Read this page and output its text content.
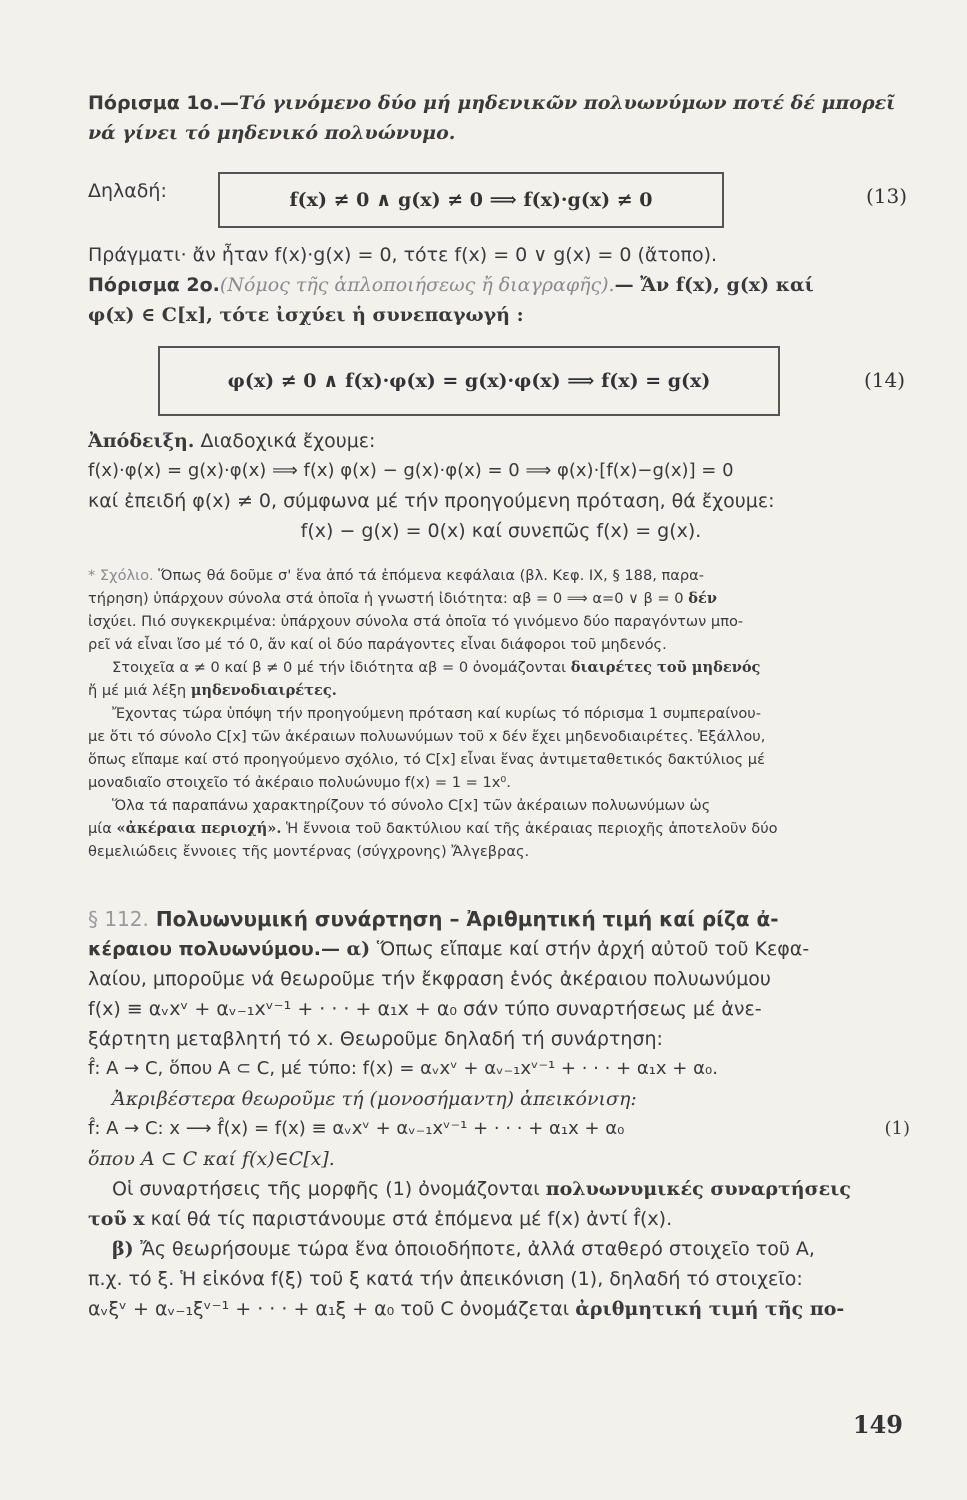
Πόρισμα 1ο.—Τό γινόμενο δύο μή μηδενικῶν πολυωνύμων ποτέ δέ μπορεῖ

νά γίνει τό μηδενικό πολυώνυμο.

Δηλαδή:	f(x) ≠ 0 ∧ g(x) ≠ 0 ⟹ f(x)·g(x) ≠ 0	(13)

Πράγματι· ἄν ἦταν f(x)·g(x) = 0, τότε f(x) = 0 ∨ g(x) = 0 (ἄτοπο).

Πόρισμα 2ο.(Νόμος τῆς ἁπλοποιήσεως ἤ διαγραφῆς).— Ἄν f(x), g(x) καί

φ(x) ∈ C[x], τότε ἰσχύει ἡ συνεπαγωγή :

φ(x) ≠ 0 ∧ f(x)·φ(x) = g(x)·φ(x) ⟹ f(x) = g(x)	(14)

Ἀπόδειξη. Διαδοχικά ἔχουμε:

f(x)·φ(x) = g(x)·φ(x) ⟹ f(x) φ(x) − g(x)·φ(x) = 0 ⟹ φ(x)·[f(x)−g(x)] = 0

καί ἐπειδή φ(x) ≠ 0, σύμφωνα μέ τήν προηγούμενη πρόταση, θά ἔχουμε:

f(x) − g(x) = 0(x) καί συνεπῶς f(x) = g(x).

* Σχόλιο. Ὅπως θά δοῦμε σ' ἕνα ἀπό τά ἑπόμενα κεφάλαια (βλ. Κεφ. IX, § 188, παρα-

τήρηση) ὑπάρχουν σύνολα στά ὁποῖα ἡ γνωστή ἰδιότητα: αβ = 0 ⟹ α=0 ∨ β = 0 δέν

ἰσχύει. Πιό συγκεκριμένα: ὑπάρχουν σύνολα στά ὁποῖα τό γινόμενο δύο παραγόντων μπο-

ρεῖ νά εἶναι ἴσο μέ τό 0, ἄν καί οἱ δύο παράγοντες εἶναι διάφοροι τοῦ μηδενός.

Στοιχεῖα α ≠ 0 καί β ≠ 0 μέ τήν ἰδιότητα αβ = 0 ὀνομάζονται διαιρέτες τοῦ μηδενός

ἤ μέ μιά λέξη μηδενοδιαιρέτες.

Ἔχοντας τώρα ὑπόψη τήν προηγούμενη πρόταση καί κυρίως τό πόρισμα 1 συμπεραίνου-

με ὅτι τό σύνολο C[x] τῶν ἀκέραιων πολυωνύμων τοῦ x δέν ἔχει μηδενοδιαιρέτες. Ἐξάλλου,

ὅπως εἴπαμε καί στό προηγούμενο σχόλιο, τό C[x] εἶναι ἕνας ἀντιμεταθετικός δακτύλιος μέ

μοναδιαῖο στοιχεῖο τό ἀκέραιο πολυώνυμο f(x) = 1 = 1x⁰.

Ὅλα τά παραπάνω χαρακτηρίζουν τό σύνολο C[x] τῶν ἀκέραιων πολυωνύμων ὡς

μία «ἀκέραια περιοχή». Ἡ ἔννοια τοῦ δακτύλιου καί τῆς ἀκέραιας περιοχῆς ἀποτελοῦν δύο

θεμελιώδεις ἔννοιες τῆς μοντέρνας (σύγχρονης) Ἄλγεβρας.

§ 112. Πολυωνυμική συνάρτηση – Ἀριθμητική τιμή καί ρίζα ἀ-

κέραιου πολυωνύμου.— α) Ὅπως εἴπαμε καί στήν ἀρχή αὐτοῦ τοῦ Κεφα-

λαίου, μποροῦμε νά θεωροῦμε τήν ἔκφραση ἑνός ἀκέραιου πολυωνύμου

f(x) ≡ αᵥxᵛ + αᵥ₋₁xᵛ⁻¹ + · · · + α₁x + α₀ σάν τύπο συναρτήσεως μέ ἀνε-

ξάρτητη μεταβλητή τό x. Θεωροῦμε δηλαδή τή συνάρτηση:

f̂: A → C, ὅπου A ⊂ C, μέ τύπο: f(x) = αᵥxᵛ + αᵥ₋₁xᵛ⁻¹ + · · · + α₁x + α₀.

Ἀκριβέστερα θεωροῦμε τή (μονοσήμαντη) ἀπεικόνιση:

f̂: A → C: x ⟶ f̂(x) = f(x) ≡ αᵥxᵛ + αᵥ₋₁xᵛ⁻¹ + · · · + α₁x + α₀	(1)

ὅπου A ⊂ C καί f(x)∈C[x].

Οἱ συναρτήσεις τῆς μορφῆς (1) ὀνομάζονται πολυωνυμικές συναρτήσεις

τοῦ x καί θά τίς παριστάνουμε στά ἑπόμενα μέ f(x) ἀντί f̂(x).

β) Ἄς θεωρήσουμε τώρα ἕνα ὁποιοδήποτε, ἀλλά σταθερό στοιχεῖο τοῦ A,

π.χ. τό ξ. Ἡ εἰκόνα f(ξ) τοῦ ξ κατά τήν ἀπεικόνιση (1), δηλαδή τό στοιχεῖο:

αᵥξᵛ + αᵥ₋₁ξᵛ⁻¹ + · · · + α₁ξ + α₀ τοῦ C ὀνομάζεται ἀριθμητική τιμή τῆς πο-

149
